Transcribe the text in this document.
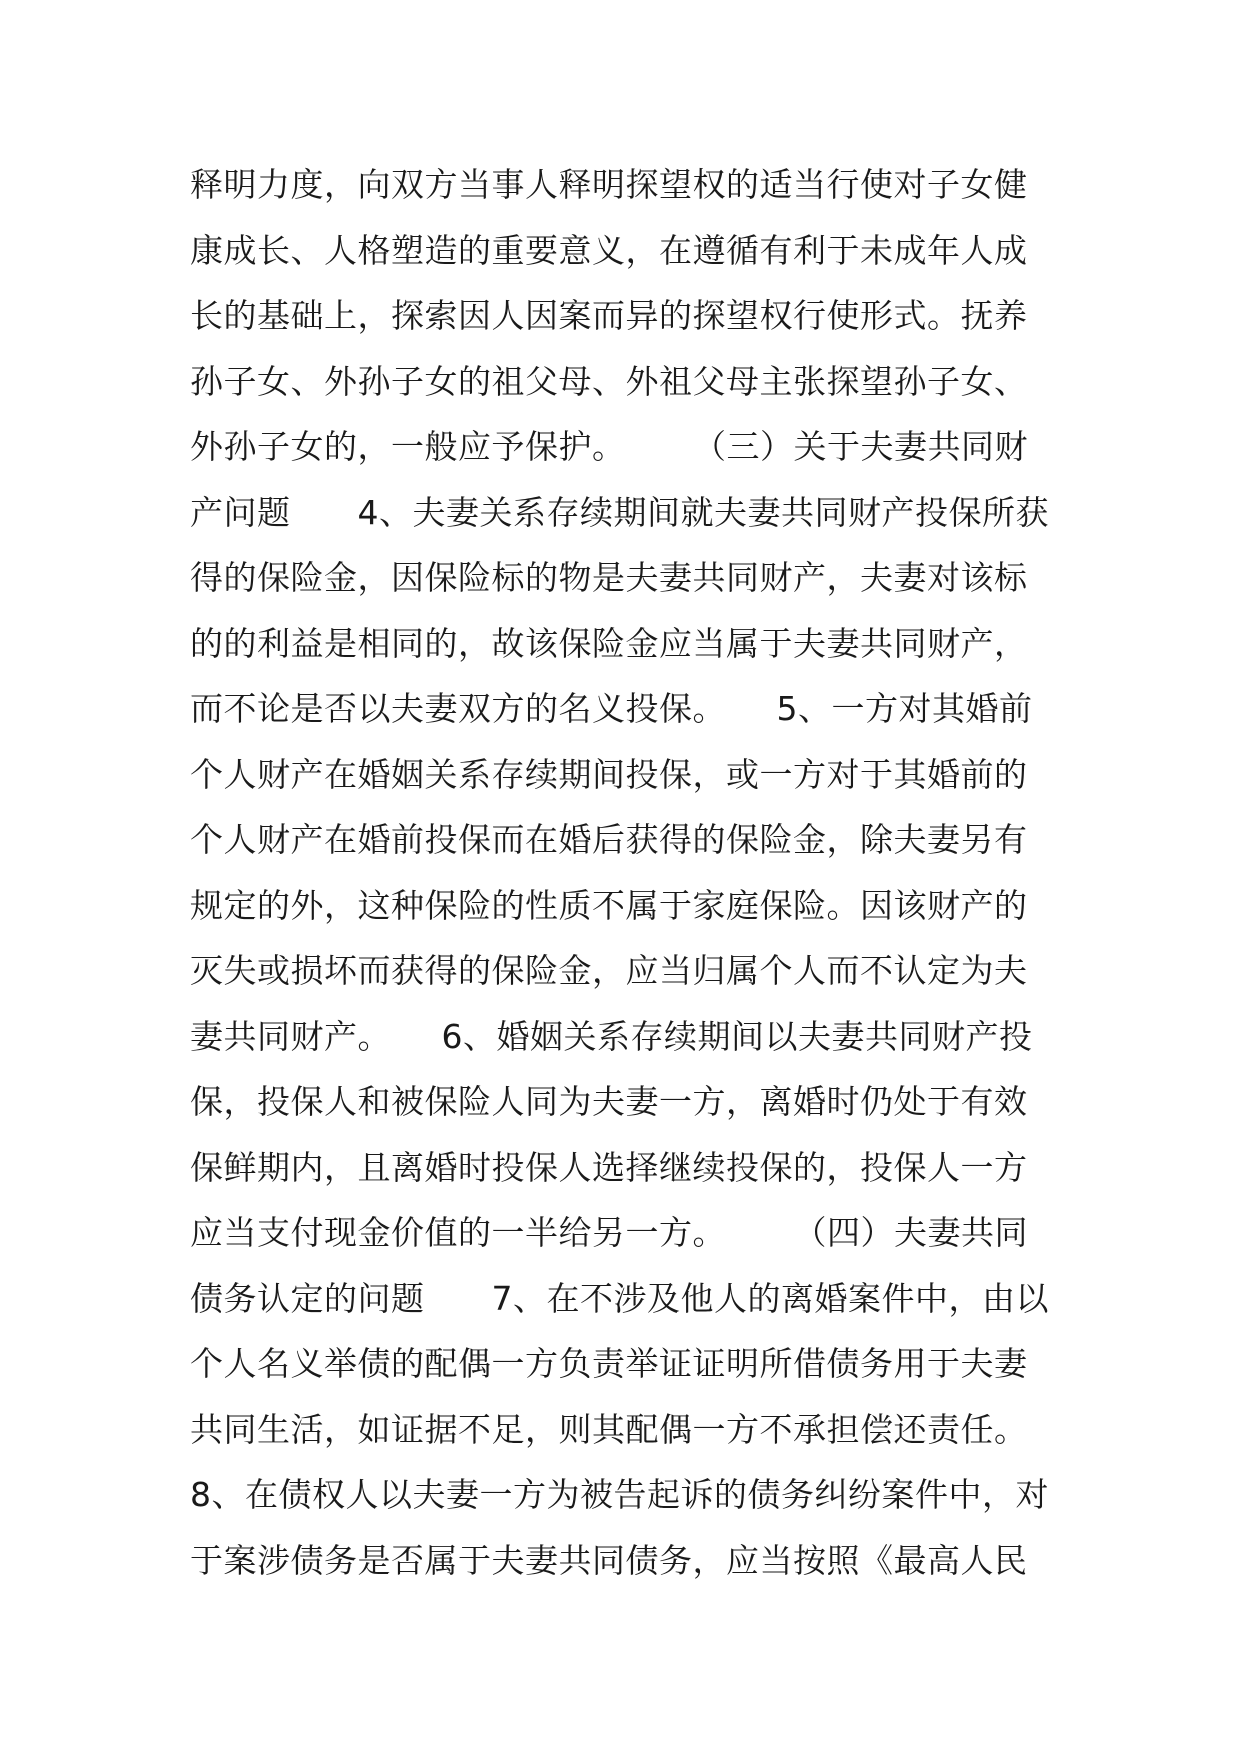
释明力度，向双方当事人释明探望权的适当行使对子女健
康成长、人格塑造的重要意义，在遵循有利于未成年人成
长的基础上，探索因人因案而异的探望权行使形式。抚养
孙子女、外孙子女的祖父母、外祖父母主张探望孙子女、
外孙子女的，一般应予保护。　　　（三）关于夫妻共同财
产问题　　4、夫妻关系存续期间就夫妻共同财产投保所获
得的保险金，因保险标的物是夫妻共同财产，夫妻对该标
的的利益是相同的，故该保险金应当属于夫妻共同财产，
而不论是否以夫妻双方的名义投保。　　5、一方对其婚前
个人财产在婚姻关系存续期间投保，或一方对于其婚前的
个人财产在婚前投保而在婚后获得的保险金，除夫妻另有
规定的外，这种保险的性质不属于家庭保险。因该财产的
灭失或损坏而获得的保险金，应当归属个人而不认定为夫
妻共同财产。　　6、婚姻关系存续期间以夫妻共同财产投
保，投保人和被保险人同为夫妻一方，离婚时仍处于有效
保鲜期内，且离婚时投保人选择继续投保的，投保人一方
应当支付现金价值的一半给另一方。　　　（四）夫妻共同
债务认定的问题　　7、在不涉及他人的离婚案件中，由以
个人名义举债的配偶一方负责举证证明所借债务用于夫妻
共同生活，如证据不足，则其配偶一方不承担偿还责任。
8、在债权人以夫妻一方为被告起诉的债务纠纷案件中，对
于案涉债务是否属于夫妻共同债务，应当按照《最高人民
